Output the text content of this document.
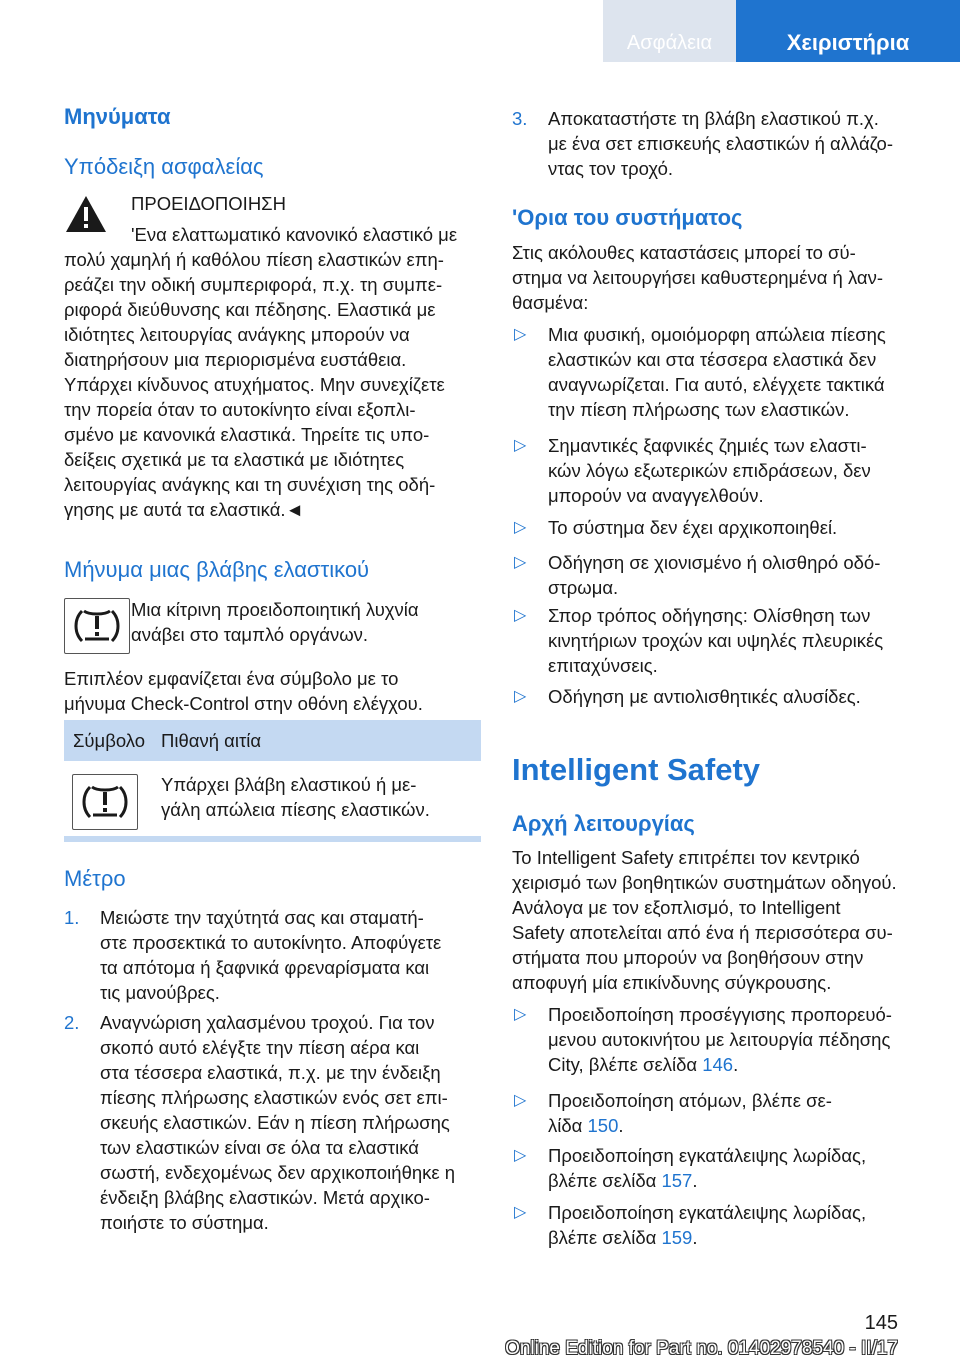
Ασφάλεια	Χειριστήρια
Μηνύματα
Υπόδειξη ασφαλείας
ΠΡΟΕΙΔΟΠΟΙΗΣΗ
'Ενα ελαττωματικό κανονικό ελαστικό με
πολύ χαμηλή ή καθόλου πίεση ελαστικών επη-
ρεάζει την οδική συμπεριφορά, π.χ. τη συμπε-
ριφορά διεύθυνσης και πέδησης. Ελαστικά με
ιδιότητες λειτουργίας ανάγκης μπορούν να
διατηρήσουν μια περιορισμένα ευστάθεια.
Υπάρχει κίνδυνος ατυχήματος. Μην συνεχίζετε
την πορεία όταν το αυτοκίνητο είναι εξοπλι-
σμένο με κανονικά ελαστικά. Τηρείτε τις υπο-
δείξεις σχετικά με τα ελαστικά με ιδιότητες
λειτουργίας ανάγκης και τη συνέχιση της οδή-
γησης με αυτά τα ελαστικά.◄
Μήνυμα μιας βλάβης ελαστικού
Μια κίτρινη προειδοποιητική λυχνία
ανάβει στο ταμπλό οργάνων.
Επιπλέον εμφανίζεται ένα σύμβολο με το
μήνυμα Check-Control στην οθόνη ελέγχου.
Σύμβολο Πιθανή αιτία
Υπάρχει βλάβη ελαστικού ή με-
γάλη απώλεια πίεσης ελαστικών.
Μέτρο
1. Μειώστε την ταχύτητά σας και σταματή-
στε προσεκτικά το αυτοκίνητο. Αποφύγετε
τα απότομα ή ξαφνικά φρεναρίσματα και
τις μανούβρες.
2. Αναγνώριση χαλασμένου τροχού. Για τον
σκοπό αυτό ελέγξτε την πίεση αέρα και
στα τέσσερα ελαστικά, π.χ. με την ένδειξη
πίεσης πλήρωσης ελαστικών ενός σετ επι-
σκευής ελαστικών. Εάν η πίεση πλήρωσης
των ελαστικών είναι σε όλα τα ελαστικά
σωστή, ενδεχομένως δεν αρχικοποιήθηκε η
ένδειξη βλάβης ελαστικών. Μετά αρχικο-
ποιήστε το σύστημα.
3. Αποκαταστήστε τη βλάβη ελαστικού π.χ.
με ένα σετ επισκευής ελαστικών ή αλλάζο-
ντας τον τροχό.
'Ορια του συστήματος
Στις ακόλουθες καταστάσεις μπορεί το σύ-
στημα να λειτουργήσει καθυστερημένα ή λαν-
θασμένα:
▷ Μια φυσική, ομοιόμορφη απώλεια πίεσης
ελαστικών και στα τέσσερα ελαστικά δεν
αναγνωρίζεται. Για αυτό, ελέγχετε τακτικά
την πίεση πλήρωσης των ελαστικών.
▷ Σημαντικές ξαφνικές ζημιές των ελαστι-
κών λόγω εξωτερικών επιδράσεων, δεν
μπορούν να αναγγελθούν.
▷ Το σύστημα δεν έχει αρχικοποιηθεί.
▷ Οδήγηση σε χιονισμένο ή ολισθηρό οδό-
στρωμα.
▷ Σπορ τρόπος οδήγησης: Ολίσθηση των
κινητήριων τροχών και υψηλές πλευρικές
επιταχύνσεις.
▷ Οδήγηση με αντιολισθητικές αλυσίδες.
Intelligent Safety
Αρχή λειτουργίας
Το Intelligent Safety επιτρέπει τον κεντρικό
χειρισμό των βοηθητικών συστημάτων οδηγού.
Ανάλογα με τον εξοπλισμό, το Intelligent
Safety αποτελείται από ένα ή περισσότερα συ-
στήματα που μπορούν να βοηθήσουν στην
αποφυγή μία επικίνδυνης σύγκρουσης.
▷ Προειδοποίηση προσέγγισης προπορευό-
μενου αυτοκινήτου με λειτουργία πέδησης
City, βλέπε σελίδα 146.
▷ Προειδοποίηση ατόμων, βλέπε σε-
λίδα 150.
▷ Προειδοποίηση εγκατάλειψης λωρίδας,
βλέπε σελίδα 157.
▷ Προειδοποίηση εγκατάλειψης λωρίδας,
βλέπε σελίδα 159.
145
Online Edition for Part no. 01402978540 - II/17
